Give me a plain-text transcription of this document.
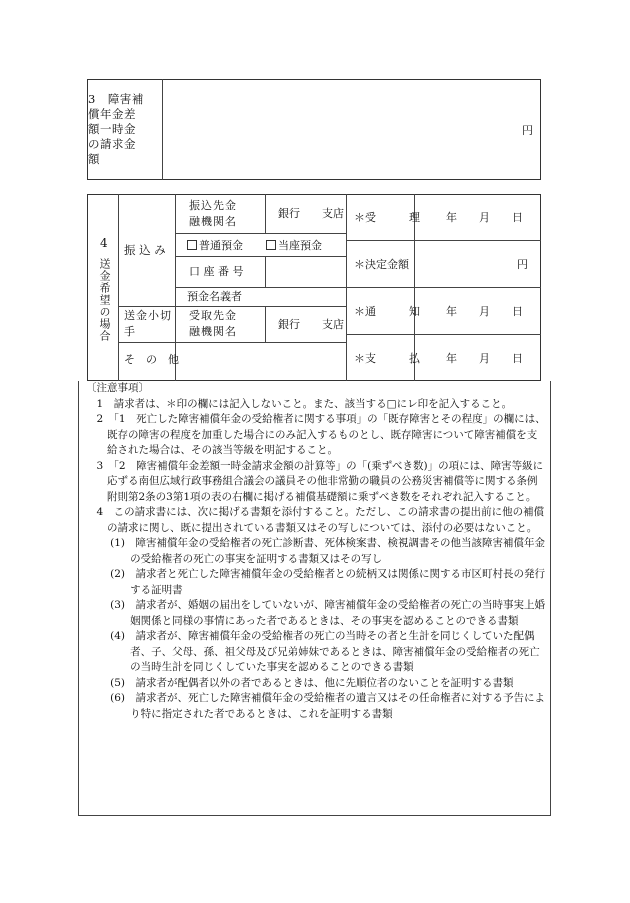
3　障害補
償年金差
額一時金
の請求金
額
円
4
送金希望の場合
振 込 み
振込先金
融機関名
銀行　　支店
普通預金	当座預金
口 座 番 号
預金名義者
送金小切
手
受取先金
融機関名
銀行　　支店
そ　の　他
＊受　　　理 年　　月　　日
＊決定金額	円
＊通　　　知 年　　月　　日
＊支　　　払 年　　月　　日

〔注意事項〕

1　請求者は、＊印の欄には記入しないこと。また、該当する□にレ印を記入すること。

2　「1　死亡した障害補償年金の受給権者に関する事項」の「既存障害とその程度」の欄には、既存の障害の程度を加重した場合にのみ記入するものとし、既存障害について障害補償を支給された場合は、その該当等級を明記すること。

3　「2　障害補償年金差額一時金請求金額の計算等」の「(乗ずべき数)」の項には、障害等級に応ずる南但広域行政事務組合議会の議員その他非常勤の職員の公務災害補償等に関する条例附則第2条の3第1項の表の右欄に掲げる補償基礎額に乗ずべき数をそれぞれ記入すること。

4　この請求書には、次に掲げる書類を添付すること。ただし、この請求書の提出前に他の補償の請求に関し、既に提出されている書類又はその写しについては、添付の必要はないこと。

(1)　障害補償年金の受給権者の死亡診断書、死体検案書、検視調書その他当該障害補償年金の受給権者の死亡の事実を証明する書類又はその写し

(2)　請求者と死亡した障害補償年金の受給権者との続柄又は関係に関する市区町村長の発行する証明書

(3)　請求者が、婚姻の届出をしていないが、障害補償年金の受給権者の死亡の当時事実上婚姻関係と同様の事情にあった者であるときは、その事実を認めることのできる書類

(4)　請求者が、障害補償年金の受給権者の死亡の当時その者と生計を同じくしていた配偶者、子、父母、孫、祖父母及び兄弟姉妹であるときは、障害補償年金の受給権者の死亡の当時生計を同じくしていた事実を認めることのできる書類

(5)　請求者が配偶者以外の者であるときは、他に先順位者のないことを証明する書類

(6)　請求者が、死亡した障害補償年金の受給権者の遺言又はその任命権者に対する予告により特に指定された者であるときは、これを証明する書類
